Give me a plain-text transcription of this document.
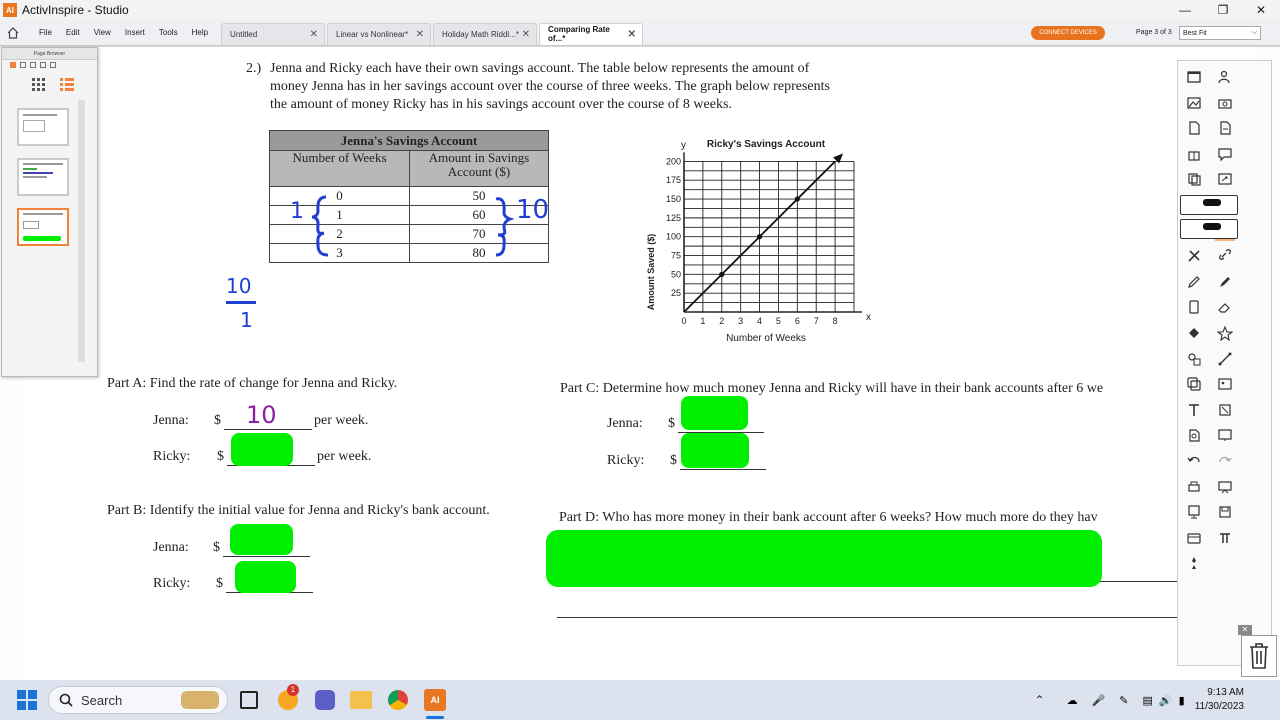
AI ActivInspire - Studio	—	❐	✕
File	Edit	View	Insert	Tools	Help	Untitled	✕ Linear vs Nonlinear* ✕ Holiday Math Riddl...* ✕ Comparing Rate of...*	✕	CONNECT DEVICES	Page 3 of 3 Best Fit	⌵
2.) Jenna and Ricky each have their own savings account. The table below represents the amount of
money Jenna has in her savings account over the course of three weeks. The graph below represents
the amount of money Ricky has in his savings account over the course of 8 weeks.
Jenna's Savings Account	
Number of Weeks	Amount in Savings Account ($)
0	50
1	60
2	70
3	80
1	10
10
1	0 1 2 3 4 5 6 7 8
25
50
75
100
125
150
175
200
Ricky's Savings Account
Number of Weeks
Amount Saved ($)
y
x
Part A: Find the rate of change for Jenna and Ricky.
Jenna: $ 10	per week.
Ricky: $	per week.
Part B: Identify the initial value for Jenna and Ricky's bank account.
Jenna: $
Ricky: $
Part C: Determine how much money Jenna and Ricky will have in their bank accounts after 6 we
Jenna: $
Ricky: $
Part D: Who has more money in their bank account after 6 weeks? How much more do they hav
Page Browser
✕
Search
1
AI	⌃ ☁ 🎤 ✎ ▤ 🔊 ▮
9:13 AM
11/30/2023
